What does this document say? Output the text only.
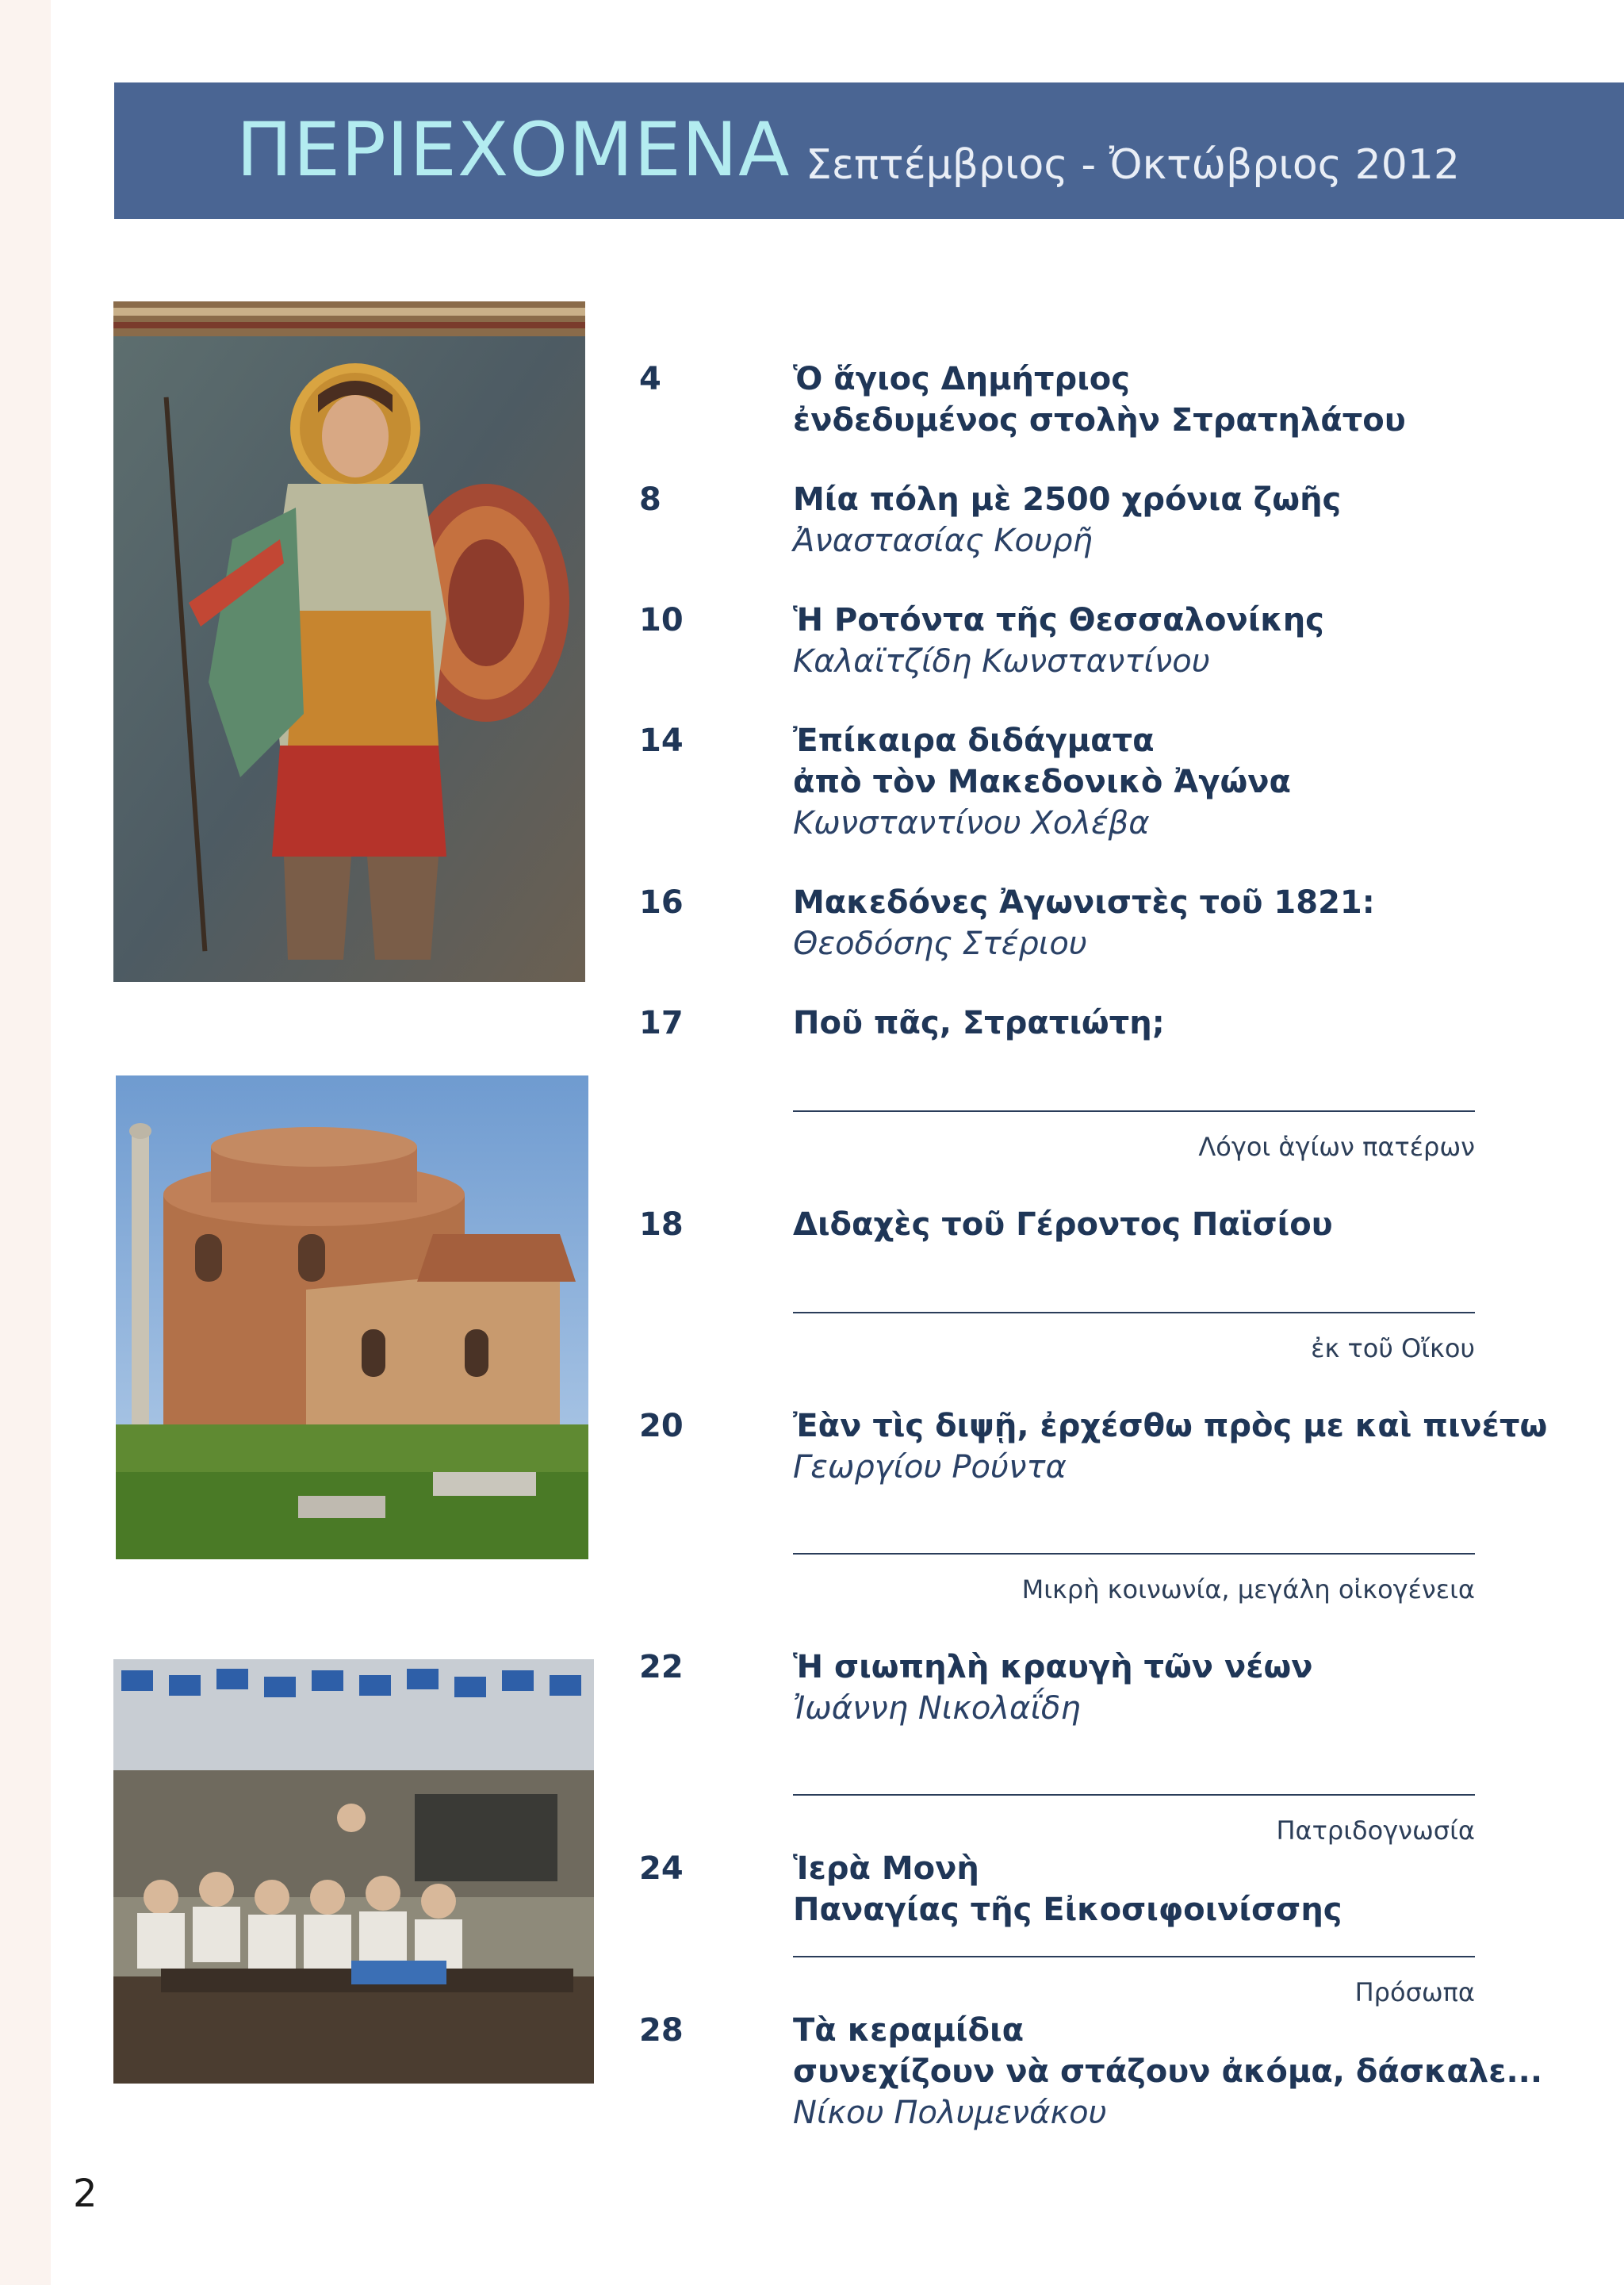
ΠΕΡΙΕΧΟΜΕΝΑ Σεπτέμβριος - Ὀκτώβριος 2012
4	Ὁ ἅγιος Δημήτριος
ἐνδεδυμένος στολὴν Στρατηλάτου
8	Μία πόλη μὲ 2500 χρόνια ζωῆς
Ἀναστασίας Κουρῆ
10	Ἡ Ροτόντα τῆς Θεσσαλονίκης
Καλαϊτζίδη Κωνσταντίνου
14	Ἐπίκαιρα διδάγματα
ἀπὸ τὸν Μακεδονικὸ Ἀγώνα
Κωνσταντίνου Χολέβα
16	Μακεδόνες Ἀγωνιστὲς τοῦ 1821:
Θεοδόσης Στέριου
17	Ποῦ πᾶς, Στρατιώτη;
Λόγοι ἁγίων πατέρων
18	Διδαχὲς τοῦ Γέροντος Παϊσίου
ἐκ τοῦ Οἴκου
20	Ἐὰν τὶς διψῇ, ἐρχέσθω πρὸς με καὶ πινέτω
Γεωργίου Ρούντα
Μικρὴ κοινωνία, μεγάλη οἰκογένεια
22	Ἡ σιωπηλὴ κραυγὴ τῶν νέων
Ἰωάννη Νικολαΐδη
Πατριδογνωσία
24	Ἱερὰ Μονὴ
Παναγίας τῆς Εἰκοσιφοινίσσης
Πρόσωπα
28	Τὰ κεραμίδια
συνεχίζουν νὰ στάζουν ἀκόμα, δάσκαλε...
Νίκου Πολυμενάκου
2
